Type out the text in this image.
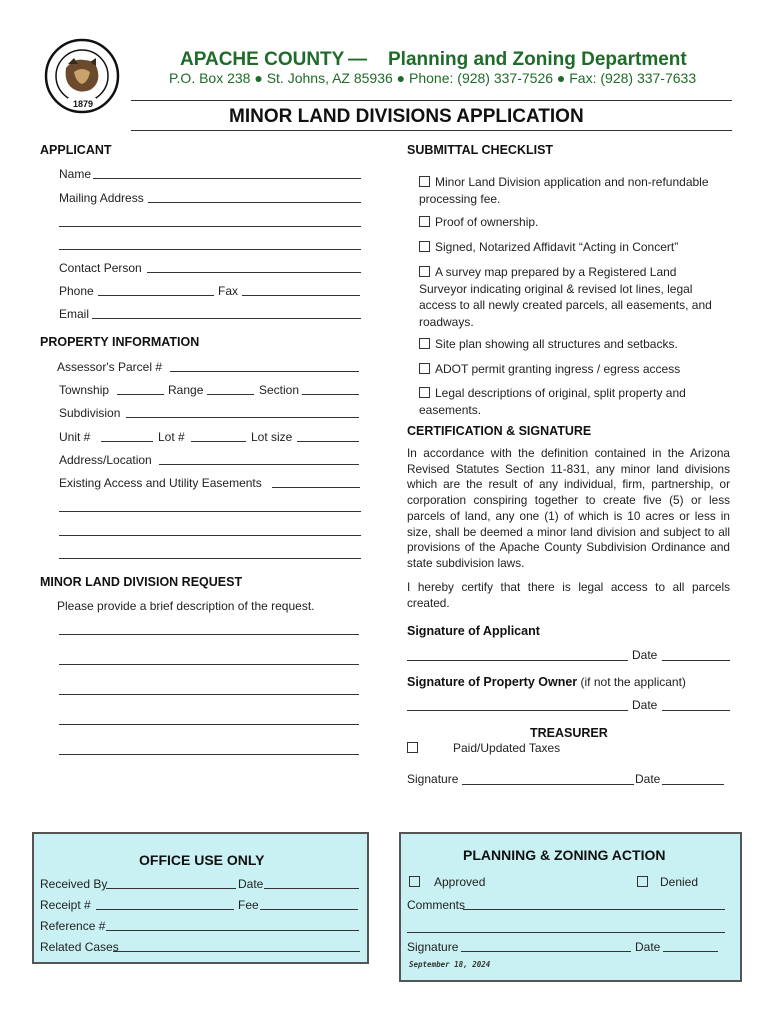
1879
APACHE COUNTY — Planning and Zoning Department
P.O. Box 238 ● St. Johns, AZ 85936 ● Phone: (928) 337-7526 ● Fax: (928) 337-7633
MINOR LAND DIVISIONS APPLICATION
APPLICANT
Name
Mailing Address
Contact Person
Phone	Fax
Email
PROPERTY INFORMATION
Assessor's Parcel #
Township	Range	Section
Subdivision
Unit #	Lot #	Lot size
Address/Location
Existing Access and Utility Easements
MINOR LAND DIVISION REQUEST
Please provide a brief description of the request.
SUBMITTAL CHECKLIST
Minor Land Division application and non-refundable processing fee.
Proof of ownership.
Signed, Notarized Affidavit “Acting in Concert”
A survey map prepared by a Registered Land Surveyor indicating original & revised lot lines, legal access to all newly created parcels, all easements, and roadways.
Site plan showing all structures and setbacks.
ADOT permit granting ingress / egress access
Legal descriptions of original, split property and easements.
CERTIFICATION & SIGNATURE
In accordance with the definition contained in the Arizona Revised Statutes Section 11-831, any minor land divisions which are the result of any individual, firm, partnership, or corporation conspiring together to create five (5) or less parcels of land, any one (1) of which is 10 acres or less in size, shall be deemed a minor land division and subject to all provisions of the Apache County Subdivision Ordinance and state subdivision laws.
I hereby certify that there is legal access to all parcels created.
Signature of Applicant
Date
Signature of Property Owner (if not the applicant)
Date
TREASURER
Paid/Updated Taxes
Signature	Date
OFFICE USE ONLY
Received By	Date
Receipt #	Fee
Reference #
Related Cases
PLANNING & ZONING ACTION
Approved	Denied
Comments
Signature	Date
September 18, 2024
